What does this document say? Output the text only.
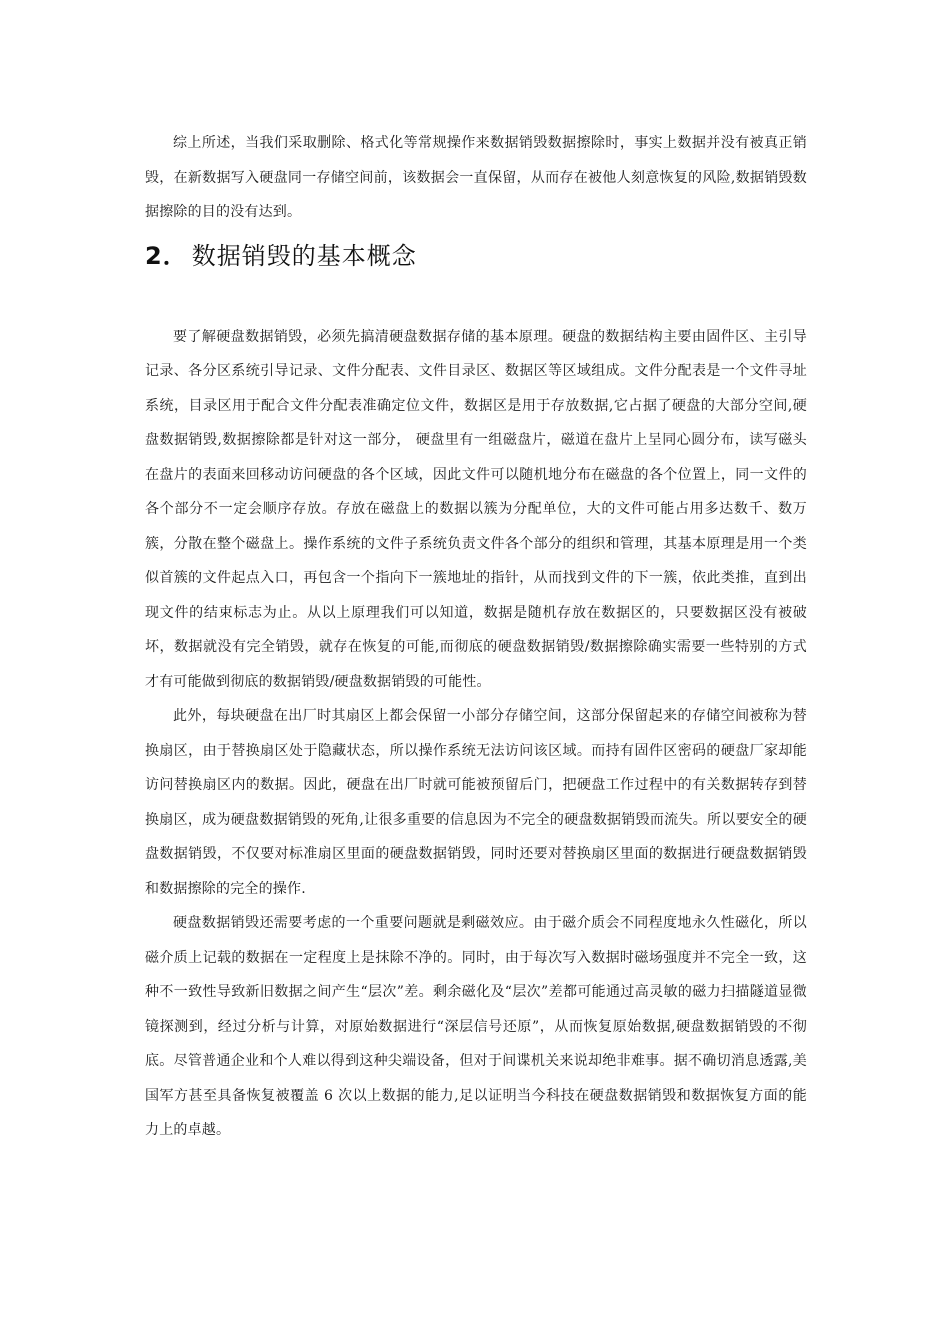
综上所述，当我们采取删除、格式化等常规操作来数据销毁数据擦除时，事实上数据并没有被真正销毁，在新数据写入硬盘同一存储空间前，该数据会一直保留，从而存在被他人刻意恢复的风险,数据销毁数据擦除的目的没有达到。

2． 数据销毁的基本概念

要了解硬盘数据销毁，必须先搞清硬盘数据存储的基本原理。硬盘的数据结构主要由固件区、主引导记录、各分区系统引导记录、文件分配表、文件目录区、数据区等区域组成。文件分配表是一个文件寻址系统，目录区用于配合文件分配表准确定位文件，数据区是用于存放数据,它占据了硬盘的大部分空间,硬盘数据销毁,数据擦除都是针对这一部分， 硬盘里有一组磁盘片，磁道在盘片上呈同心圆分布，读写磁头在盘片的表面来回移动访问硬盘的各个区域，因此文件可以随机地分布在磁盘的各个位置上，同一文件的各个部分不一定会顺序存放。存放在磁盘上的数据以簇为分配单位，大的文件可能占用多达数千、数万簇，分散在整个磁盘上。操作系统的文件子系统负责文件各个部分的组织和管理，其基本原理是用一个类似首簇的文件起点入口，再包含一个指向下一簇地址的指针，从而找到文件的下一簇，依此类推，直到出现文件的结束标志为止。从以上原理我们可以知道，数据是随机存放在数据区的，只要数据区没有被破坏，数据就没有完全销毁，就存在恢复的可能,而彻底的硬盘数据销毁/数据擦除确实需要一些特别的方式才有可能做到彻底的数据销毁/硬盘数据销毁的可能性。

此外，每块硬盘在出厂时其扇区上都会保留一小部分存储空间，这部分保留起来的存储空间被称为替换扇区，由于替换扇区处于隐藏状态，所以操作系统无法访问该区域。而持有固件区密码的硬盘厂家却能访问替换扇区内的数据。因此，硬盘在出厂时就可能被预留后门，把硬盘工作过程中的有关数据转存到替换扇区，成为硬盘数据销毁的死角,让很多重要的信息因为不完全的硬盘数据销毁而流失。所以要安全的硬盘数据销毁，不仅要对标准扇区里面的硬盘数据销毁，同时还要对替换扇区里面的数据进行硬盘数据销毁和数据擦除的完全的操作.

硬盘数据销毁还需要考虑的一个重要问题就是剩磁效应。由于磁介质会不同程度地永久性磁化，所以磁介质上记载的数据在一定程度上是抹除不净的。同时，由于每次写入数据时磁场强度并不完全一致，这种不一致性导致新旧数据之间产生“层次”差。剩余磁化及“层次”差都可能通过高灵敏的磁力扫描隧道显微镜探测到，经过分析与计算，对原始数据进行“深层信号还原”，从而恢复原始数据,硬盘数据销毁的不彻底。尽管普通企业和个人难以得到这种尖端设备，但对于间谍机关来说却绝非难事。据不确切消息透露,美国军方甚至具备恢复被覆盖 6 次以上数据的能力,足以证明当今科技在硬盘数据销毁和数据恢复方面的能力上的卓越。
